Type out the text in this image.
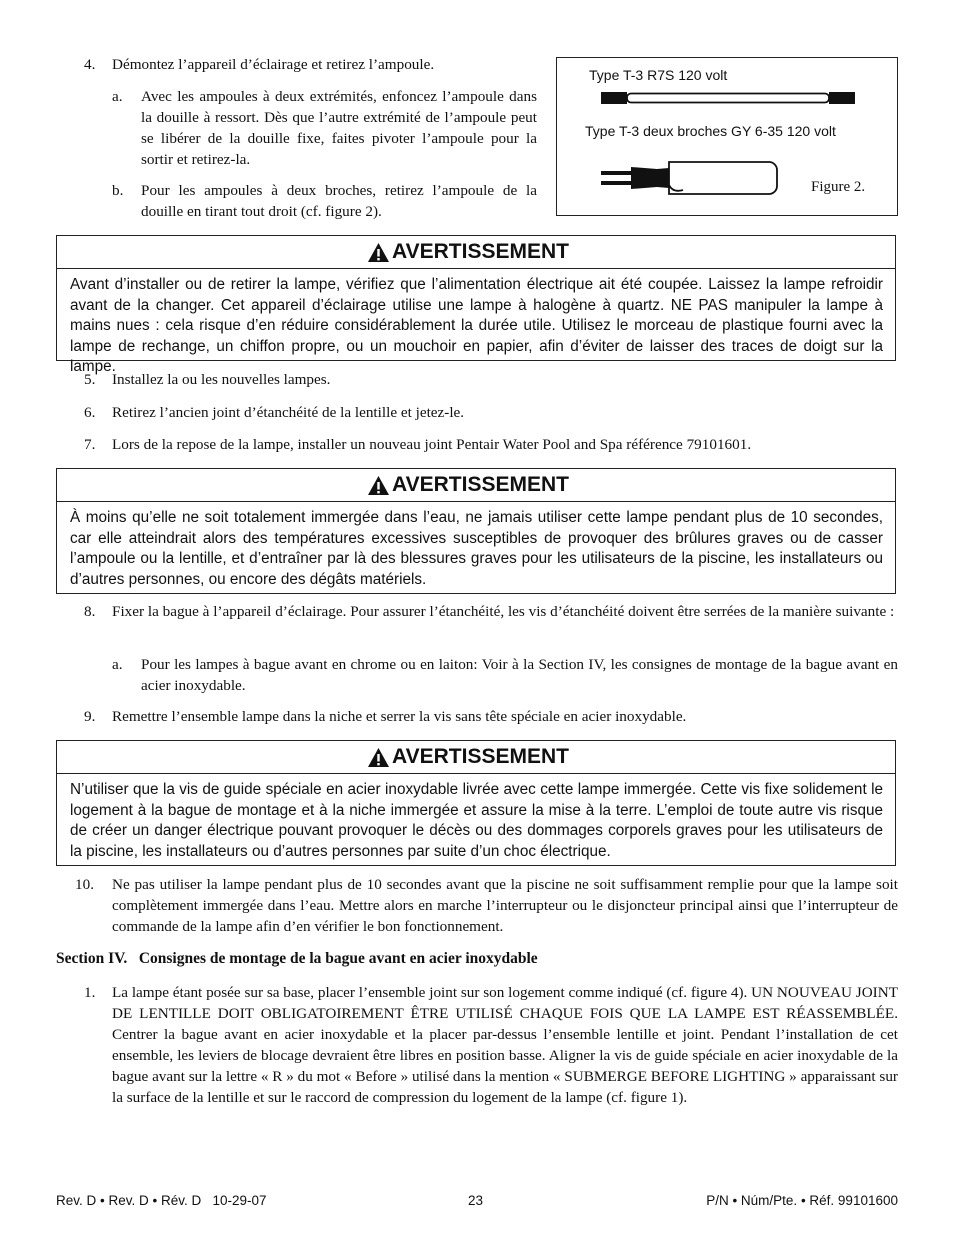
4. Démontez l’appareil d’éclairage et retirez l’ampoule.
a. Avec les ampoules à deux extrémités, enfoncez l’ampoule dans la douille à ressort. Dès que l’autre extrémité de l’ampoule peut se libérer de la douille fixe, faites pivoter l’ampoule pour la sortir et retirez-la.
b. Pour les ampoules à deux broches, retirez l’ampoule de la douille en tirant tout droit (cf. figure 2).
Type T-3 R7S 120 volt
Type T-3 deux broches GY 6-35 120 volt
Figure 2.
AVERTISSEMENT
Avant d’installer ou de retirer la lampe, vérifiez que l’alimentation électrique ait été coupée. Laissez la lampe refroidir avant de la changer. Cet appareil d’éclairage utilise une lampe à halogène à quartz. NE PAS manipuler la lampe à mains nues : cela risque d’en réduire considérablement la durée utile. Utilisez le morceau de plastique fourni avec la lampe de rechange, un chiffon propre, ou un mouchoir en papier, afin d’éviter de laisser des traces de doigt sur la lampe.
5. Installez la ou les nouvelles lampes.
6. Retirez l’ancien joint d’étanchéité de la lentille et jetez-le.
7. Lors de la repose de la lampe, installer un nouveau joint Pentair Water Pool and Spa référence 79101601.
AVERTISSEMENT
À moins qu’elle ne soit totalement immergée dans l’eau, ne jamais utiliser cette lampe pendant plus de 10 secondes, car elle atteindrait alors des températures excessives susceptibles de provoquer des brûlures graves ou de casser l’ampoule ou la lentille, et d’entraîner par là des blessures graves pour les utilisateurs de la piscine, les installateurs ou d’autres personnes, ou encore des dégâts matériels.
8. Fixer la bague à l’appareil d’éclairage. Pour assurer l’étanchéité, les vis d’étanchéité doivent être serrées de la manière suivante :
a. Pour les lampes à bague avant en chrome ou en laiton: Voir à la Section IV, les consignes de montage de la bague avant en acier inoxydable.
9. Remettre l’ensemble lampe dans la niche et serrer la vis sans tête spéciale en acier inoxydable.
AVERTISSEMENT
N’utiliser que la vis de guide spéciale en acier inoxydable livrée avec cette lampe immergée. Cette vis fixe solidement le logement à la bague de montage et à la niche immergée et assure la mise à la terre. L’emploi de toute autre vis risque de créer un danger électrique pouvant provoquer le décès ou des dommages corporels graves pour les utilisateurs de la piscine, les installateurs ou d’autres personnes par suite d’un choc électrique.
10. Ne pas utiliser la lampe pendant plus de 10 secondes avant que la piscine ne soit suffisamment remplie pour que la lampe soit complètement immergée dans l’eau. Mettre alors en marche l’interrupteur ou le disjoncteur principal ainsi que l’interrupteur de commande de la lampe afin d’en vérifier le bon fonctionnement.
Section IV.   Consignes de montage de la bague avant en acier inoxydable
1. La lampe étant posée sur sa base, placer l’ensemble joint sur son logement comme indiqué (cf. figure 4). UN NOUVEAU JOINT DE LENTILLE DOIT OBLIGATOIREMENT ÊTRE UTILISÉ CHAQUE FOIS QUE LA LAMPE EST RÉASSEMBLÉE. Centrer la bague avant en acier inoxydable et la placer par-dessus l’ensemble lentille et joint. Pendant l’installation de cet ensemble, les leviers de blocage devraient être libres en position basse. Aligner la vis de guide spéciale en acier inoxydable de la bague avant sur la lettre « R » du mot « Before » utilisé dans la mention « SUBMERGE BEFORE LIGHTING » apparaissant sur la surface de la lentille et sur le raccord de compression du logement de la lampe (cf. figure 1).
Rev. D • Rev. D • Rév. D   10-29-07	23	P/N • Núm/Pte. • Réf. 99101600
